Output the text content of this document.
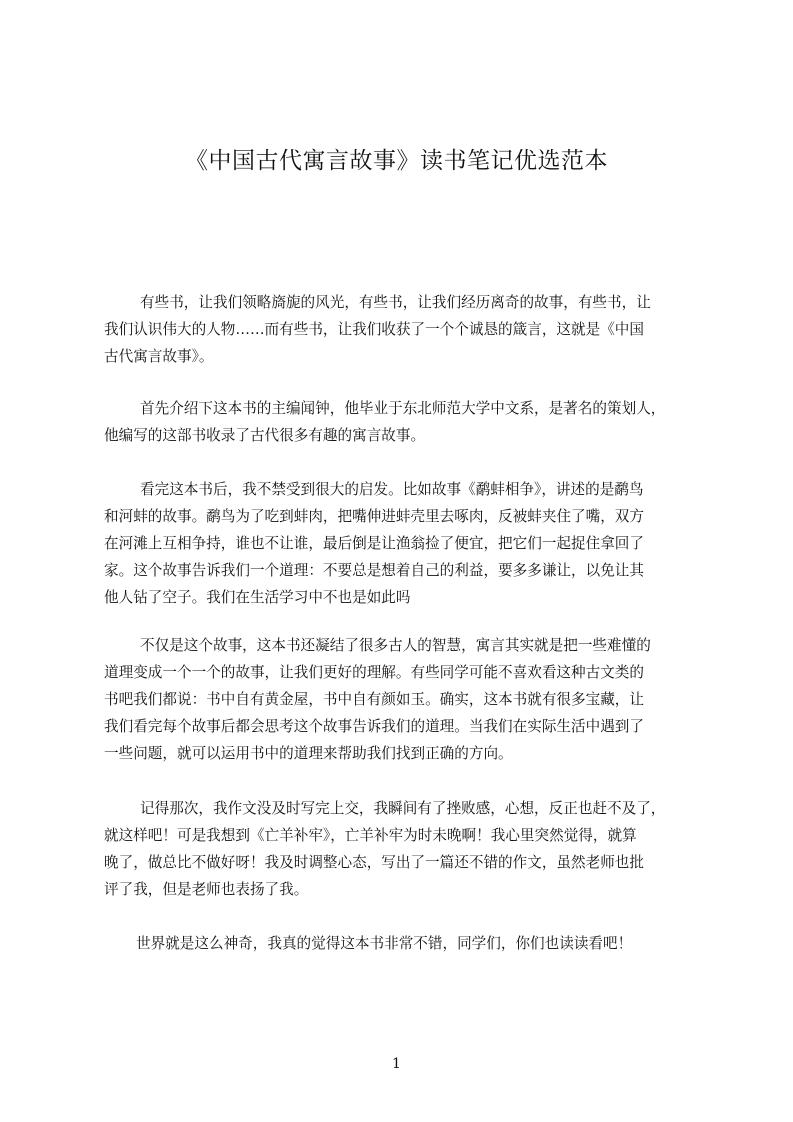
《中国古代寓言故事》读书笔记优选范本

有些书，让我们领略旖旎的风光，有些书，让我们经历离奇的故事，有些书，让
我们认识伟大的人物……而有些书，让我们收获了一个个诚恳的箴言，这就是《中国
古代寓言故事》。

首先介绍下这本书的主编闻钟，他毕业于东北师范大学中文系，是著名的策划人，
他编写的这部书收录了古代很多有趣的寓言故事。

看完这本书后，我不禁受到很大的启发。比如故事《鹬蚌相争》，讲述的是鹬鸟
和河蚌的故事。鹬鸟为了吃到蚌肉，把嘴伸进蚌壳里去啄肉，反被蚌夹住了嘴，双方
在河滩上互相争持，谁也不让谁，最后倒是让渔翁捡了便宜，把它们一起捉住拿回了
家。这个故事告诉我们一个道理：不要总是想着自己的利益，要多多谦让，以免让其
他人钻了空子。我们在生活学习中不也是如此吗

不仅是这个故事，这本书还凝结了很多古人的智慧，寓言其实就是把一些难懂的
道理变成一个一个的故事，让我们更好的理解。有些同学可能不喜欢看这种古文类的
书吧我们都说：书中自有黄金屋，书中自有颜如玉。确实，这本书就有很多宝藏，让
我们看完每个故事后都会思考这个故事告诉我们的道理。当我们在实际生活中遇到了
一些问题，就可以运用书中的道理来帮助我们找到正确的方向。

记得那次，我作文没及时写完上交，我瞬间有了挫败感，心想，反正也赶不及了，
就这样吧！可是我想到《亡羊补牢》，亡羊补牢为时未晚啊！我心里突然觉得，就算
晚了，做总比不做好呀！我及时调整心态，写出了一篇还不错的作文，虽然老师也批
评了我，但是老师也表扬了我。

世界就是这么神奇，我真的觉得这本书非常不错，同学们，你们也读读看吧！

1
